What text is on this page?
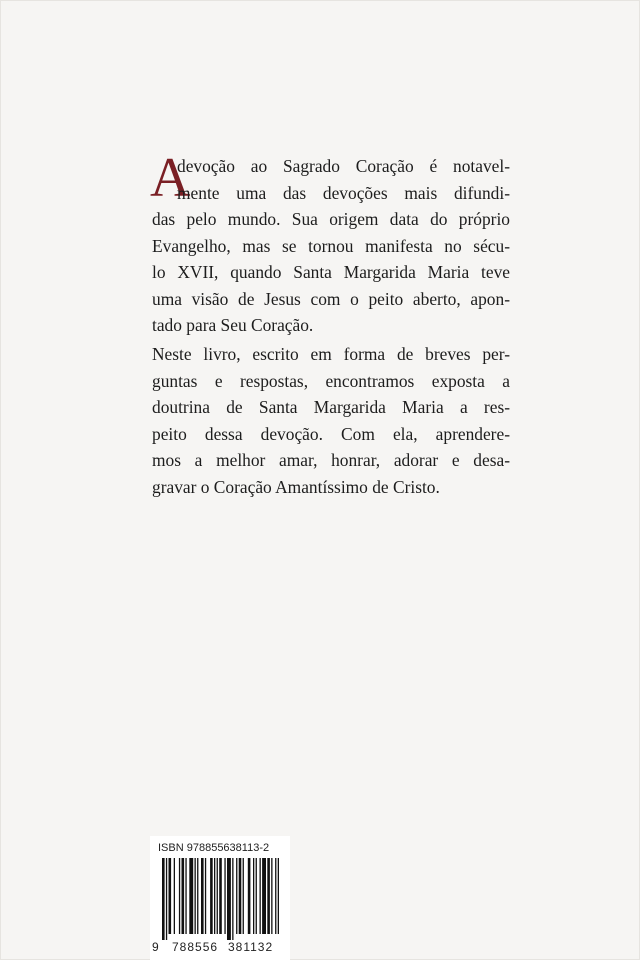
A
devoção ao Sagrado Coração é notavel-
mente uma das devoções mais difundi-
das pelo mundo. Sua origem data do próprio
Evangelho, mas se tornou manifesta no sécu-
lo XVII, quando Santa Margarida Maria teve
uma visão de Jesus com o peito aberto, apon-
tado para Seu Coração.
Neste livro, escrito em forma de breves per-
guntas e respostas, encontramos exposta a
doutrina de Santa Margarida Maria a res-
peito dessa devoção. Com ela, aprendere-
mos a melhor amar, honrar, adorar e desa-
gravar o Coração Amantíssimo de Cristo.
ISBN 978855638113-2
9 788556 381132
